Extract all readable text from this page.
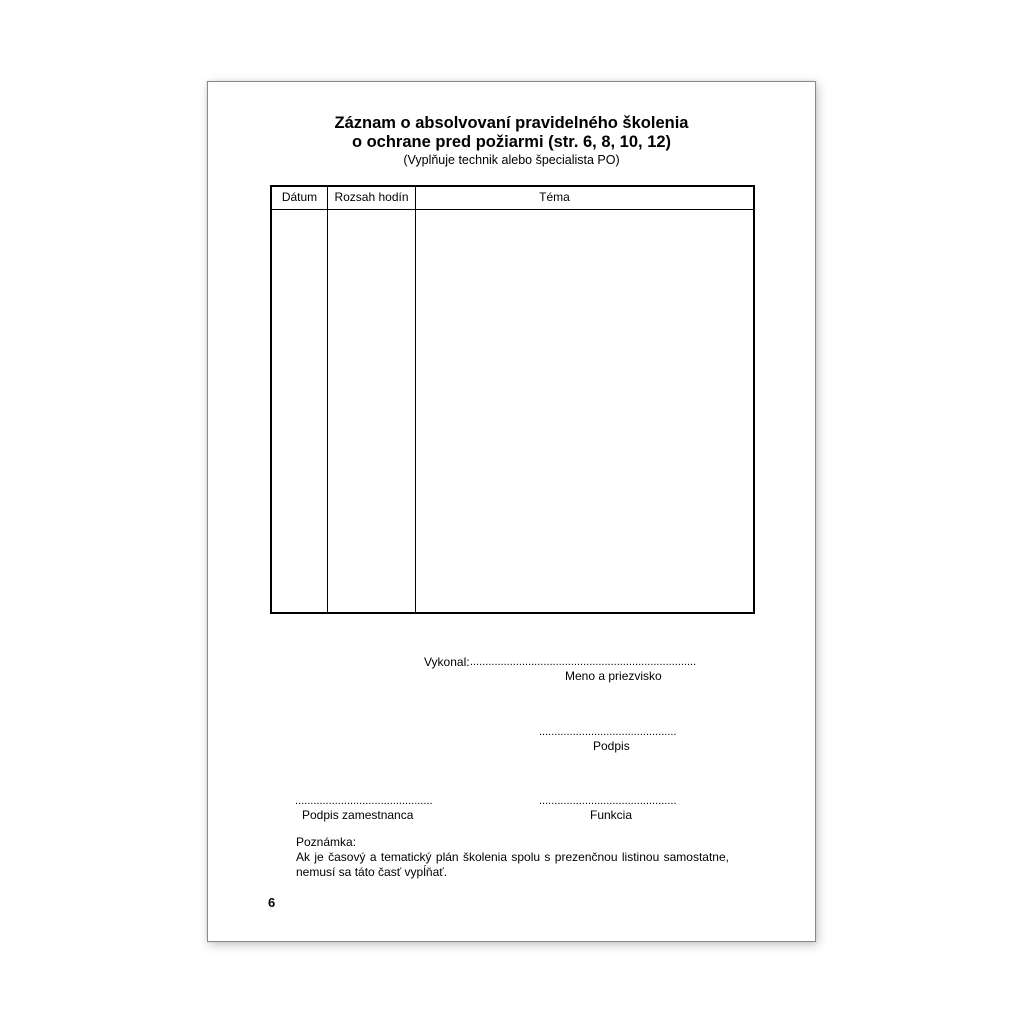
Záznam o absolvovaní pravidelného školenia
o ochrane pred požiarmi (str. 6, 8, 10, 12)
(Vyplňuje technik alebo špecialista PO)
Dátum	Rozsah hodín	Téma
Vykonal: ..........................................................................
Meno a priezvisko
.............................................
Podpis
.............................................
Podpis zamestnanca
.............................................
Funkcia
Poznámka:
Ak je časový a tematický plán školenia spolu s prezenčnou listinou samostatne, nemusí sa táto časť vypĺňať.
6
